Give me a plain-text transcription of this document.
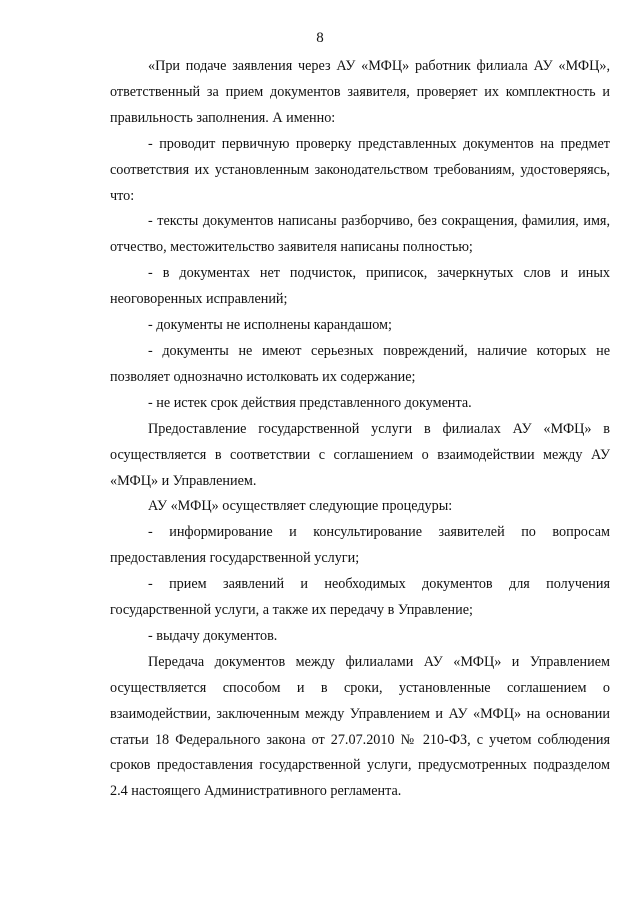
8

«При подаче заявления через АУ «МФЦ» работник филиала АУ «МФЦ», ответственный за прием документов заявителя, проверяет их комплектность и правильность заполнения. А именно:

- проводит первичную проверку представленных документов на предмет соответствия их установленным законодательством требованиям, удостоверяясь, что:

- тексты документов написаны разборчиво, без сокращения, фамилия, имя, отчество, местожительство заявителя написаны полностью;

- в документах нет подчисток, приписок, зачеркнутых слов и иных неоговоренных исправлений;

- документы не исполнены карандашом;

- документы не имеют серьезных повреждений, наличие которых не позволяет однозначно истолковать их содержание;

- не истек срок действия представленного документа.

Предоставление государственной услуги в филиалах АУ «МФЦ» в осуществляется в соответствии с соглашением о взаимодействии между АУ «МФЦ» и Управлением.

АУ «МФЦ» осуществляет следующие процедуры:

- информирование и консультирование заявителей по вопросам предоставления государственной услуги;

- прием заявлений и необходимых документов для получения государственной услуги, а также их передачу в Управление;

- выдачу документов.

Передача документов между филиалами АУ «МФЦ» и Управлением осуществляется способом и в сроки, установленные соглашением о взаимодействии, заключенным между Управлением и АУ «МФЦ» на основании статьи 18 Федерального закона от 27.07.2010 № 210-ФЗ, с учетом соблюдения сроков предоставления государственной услуги, предусмотренных подразделом 2.4 настоящего Административного регламента.
